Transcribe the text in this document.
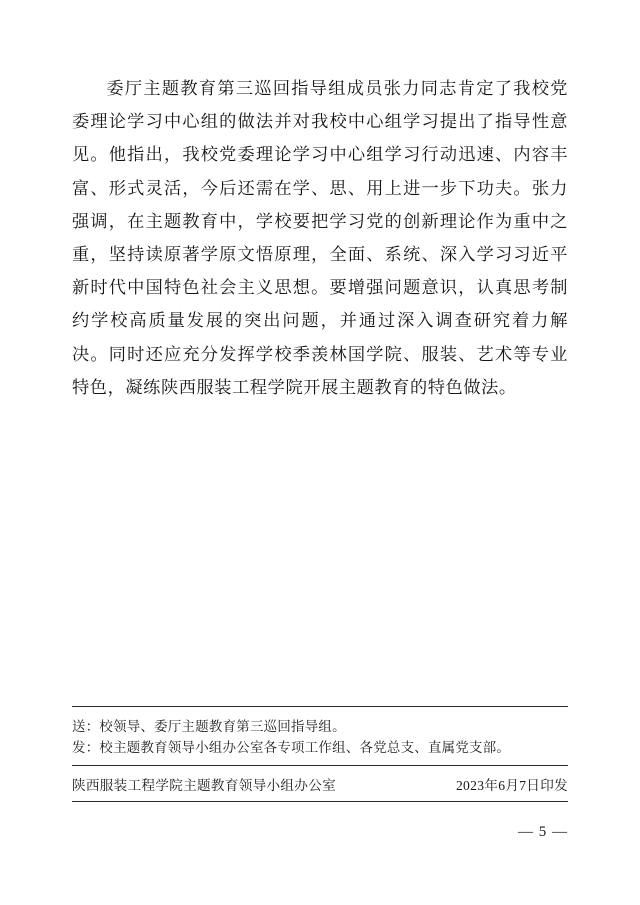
委厅主题教育第三巡回指导组成员张力同志肯定了我校党委理论学习中心组的做法并对我校中心组学习提出了指导性意见。他指出，我校党委理论学习中心组学习行动迅速、内容丰富、形式灵活，今后还需在学、思、用上进一步下功夫。张力强调，在主题教育中，学校要把学习党的创新理论作为重中之重，坚持读原著学原文悟原理，全面、系统、深入学习习近平新时代中国特色社会主义思想。要增强问题意识，认真思考制约学校高质量发展的突出问题，并通过深入调查研究着力解决。同时还应充分发挥学校季羡林国学院、服装、艺术等专业特色，凝练陕西服装工程学院开展主题教育的特色做法。

送：校领导、委厅主题教育第三巡回指导组。
发：校主题教育领导小组办公室各专项工作组、各党总支、直属党支部。
陕西服装工程学院主题教育领导小组办公室	2023年6月7日印发
— 5 —
